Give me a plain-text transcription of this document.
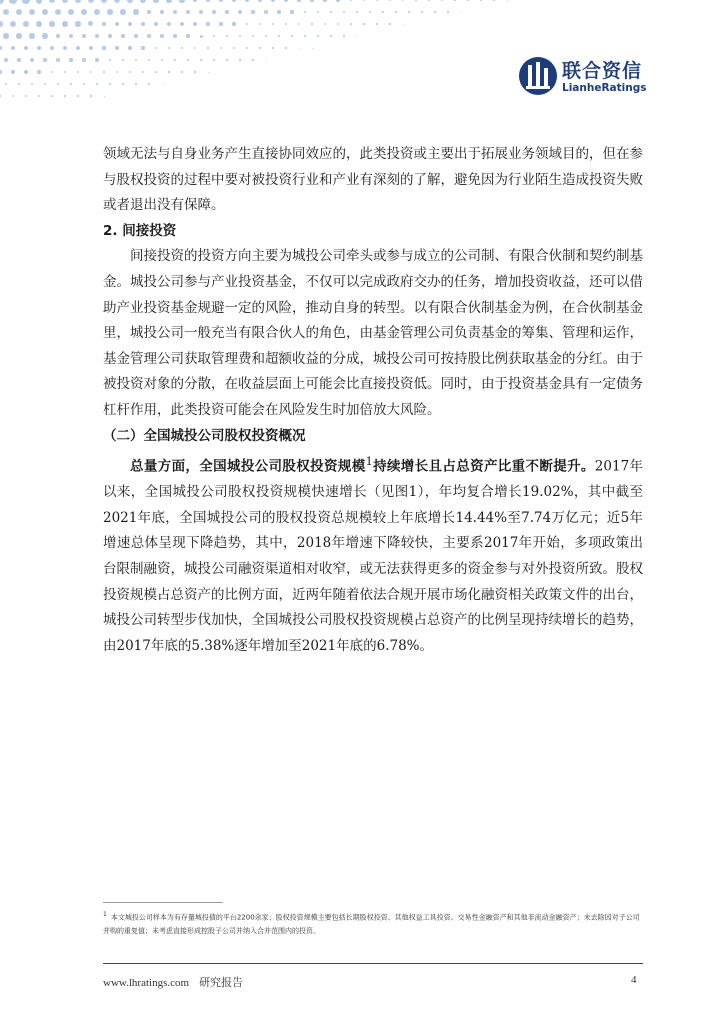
联合资信
LianheRatings

领域无法与自身业务产生直接协同效应的，此类投资或主要出于拓展业务领域目的，但在参与股权投资的过程中要对被投资行业和产业有深刻的了解，避免因为行业陌生造成投资失败或者退出没有保障。

2. 间接投资

间接投资的投资方向主要为城投公司牵头或参与成立的公司制、有限合伙制和契约制基金。城投公司参与产业投资基金，不仅可以完成政府交办的任务，增加投资收益，还可以借助产业投资基金规避一定的风险，推动自身的转型。以有限合伙制基金为例，在合伙制基金里，城投公司一般充当有限合伙人的角色，由基金管理公司负责基金的筹集、管理和运作，基金管理公司获取管理费和超额收益的分成，城投公司可按持股比例获取基金的分红。由于被投资对象的分散，在收益层面上可能会比直接投资低。同时，由于投资基金具有一定债务杠杆作用，此类投资可能会在风险发生时加倍放大风险。

（二）全国城投公司股权投资概况

总量方面，全国城投公司股权投资规模$^1$持续增长且占总资产比重不断提升。2017年以来，全国城投公司股权投资规模快速增长（见图1），年均复合增长19.02%，其中截至2021年底，全国城投公司的股权投资总规模较上年底增长14.44%至7.74万亿元；近5年增速总体呈现下降趋势，其中，2018年增速下降较快，主要系2017年开始，多项政策出台限制融资，城投公司融资渠道相对收窄，或无法获得更多的资金参与对外投资所致。股权投资规模占总资产的比例方面，近两年随着依法合规开展市场化融资相关政策文件的出台，城投公司转型步伐加快，全国城投公司股权投资规模占总资产的比例呈现持续增长的趋势，由2017年底的5.38%逐年增加至2021年底的6.78%。

$^1$ 本文城投公司样本为有存量城投债的平台2200余家；股权投资规模主要包括长期股权投资、其他权益工具投资、交易性金融资产和其他非流动金融资产；未去除因对子公司并购的重复值；未考虑直接形成控股子公司并纳入合并范围内的投资。
www.lhratings.com 研究报告	4
